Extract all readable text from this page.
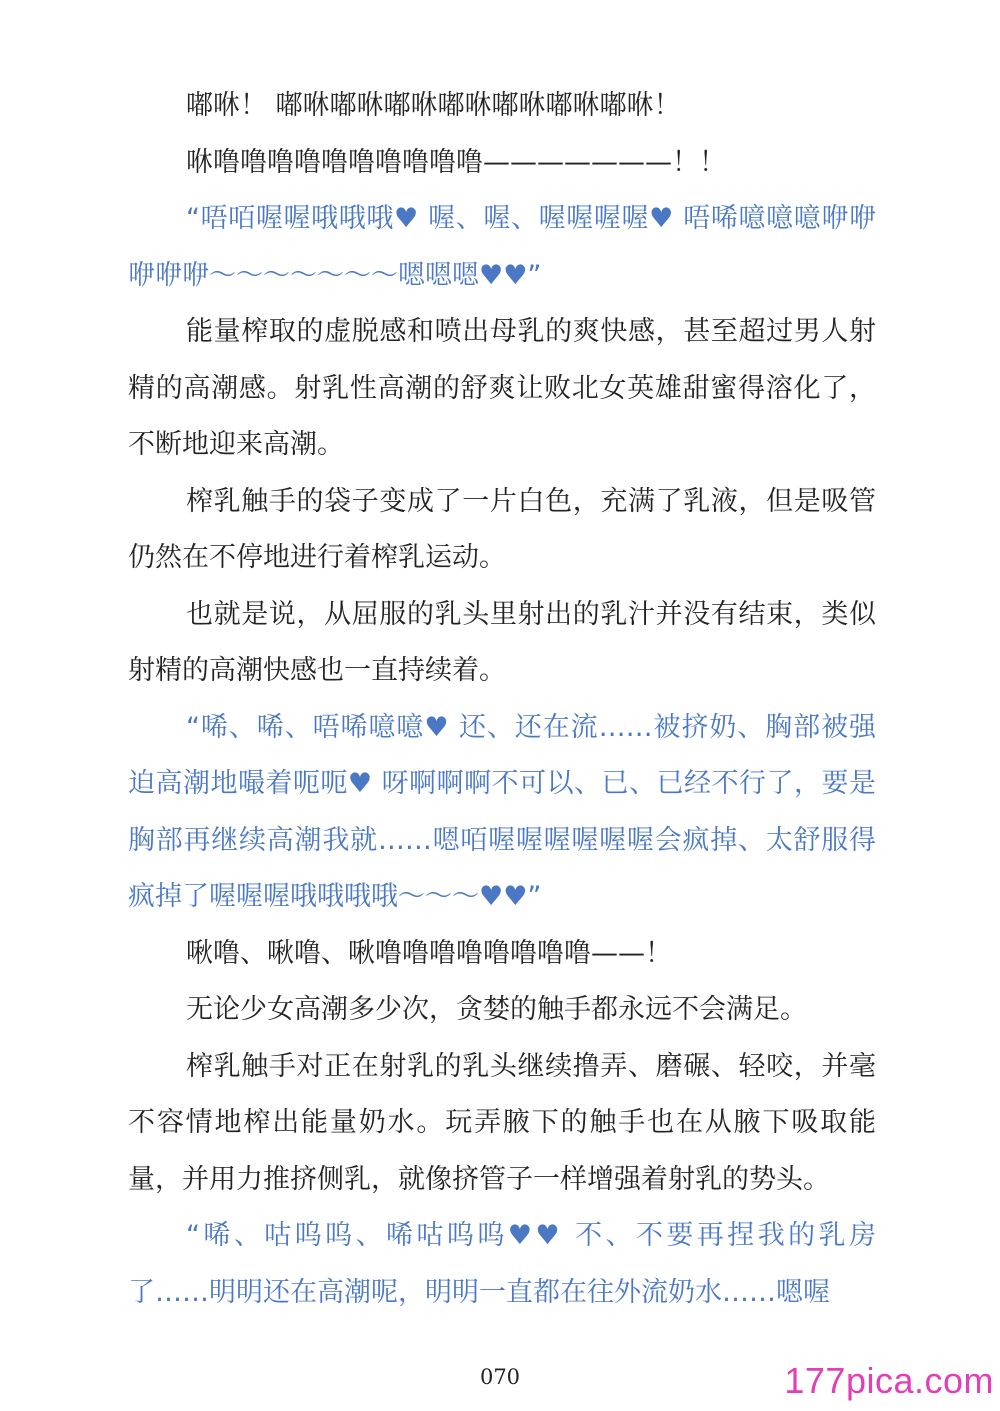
嘟咻！ 嘟咻嘟咻嘟咻嘟咻嘟咻嘟咻嘟咻！

咻噜噜噜噜噜噜噜噜噜噜———————！！

“唔咟喔喔哦哦哦♥ 喔、喔、喔喔喔喔♥ 唔唏噫噫噫咿咿咿咿咿～～～～～～～嗯嗯嗯♥♥”

能量榨取的虚脱感和喷出母乳的爽快感，甚至超过男人射精的高潮感。射乳性高潮的舒爽让败北女英雄甜蜜得溶化了，不断地迎来高潮。

榨乳触手的袋子变成了一片白色，充满了乳液，但是吸管仍然在不停地进行着榨乳运动。

也就是说，从屈服的乳头里射出的乳汁并没有结束，类似射精的高潮快感也一直持续着。

“唏、唏、唔唏噫噫♥ 还、还在流……被挤奶、胸部被强迫高潮地嘬着呃呃♥ 呀啊啊啊不可以、已、已经不行了，要是胸部再继续高潮我就……嗯咟喔喔喔喔喔喔会疯掉、太舒服得疯掉了喔喔喔哦哦哦哦～～～♥♥”

啾噜、啾噜、啾噜噜噜噜噜噜噜噜——！

无论少女高潮多少次，贪婪的触手都永远不会满足。

榨乳触手对正在射乳的乳头继续撸弄、磨碾、轻咬，并毫不容情地榨出能量奶水。玩弄腋下的触手也在从腋下吸取能量，并用力推挤侧乳，就像挤管子一样增强着射乳的势头。

“唏、咕呜呜、唏咕呜呜♥♥ 不、不要再捏我的乳房了……明明还在高潮呢，明明一直都在往外流奶水……嗯喔

070	177pica.com
